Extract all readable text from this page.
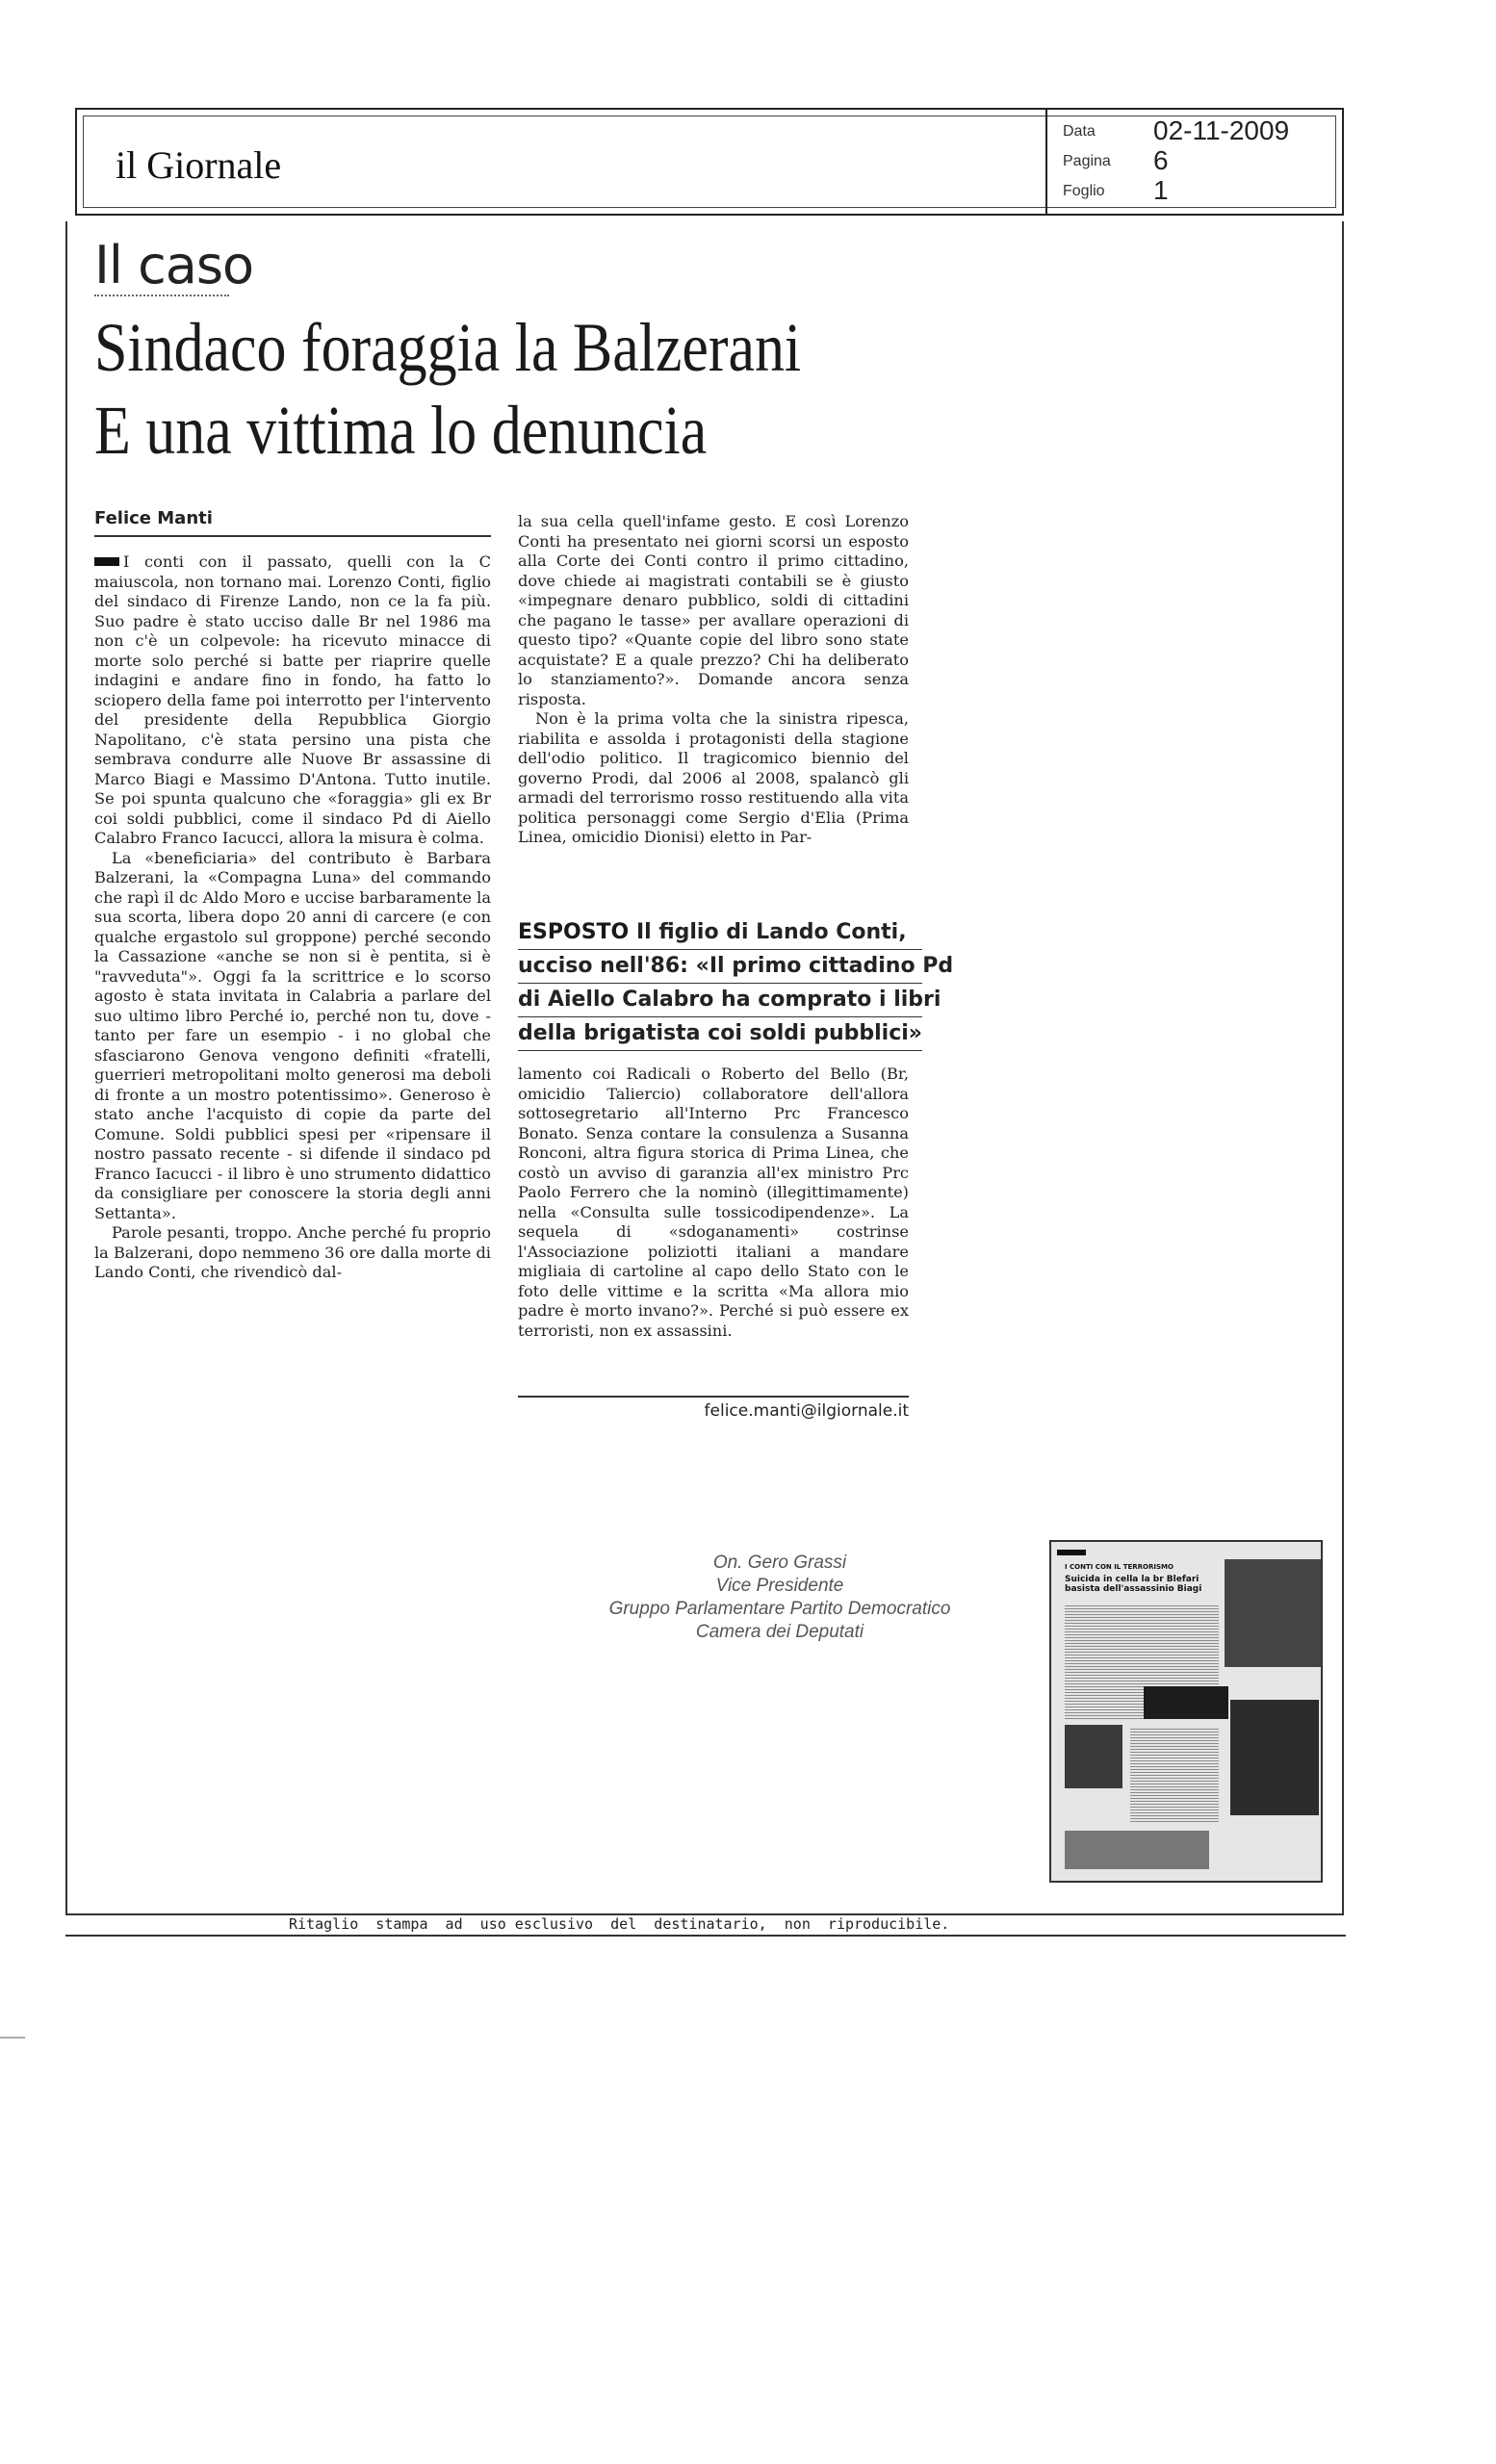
il Giornale
Data 02-11-2009
Pagina 6
Foglio 1
Il caso
Sindaco foraggia la Balzerani
E una vittima lo denuncia
Felice Manti

I conti con il passato, quelli con la C maiuscola, non tornano mai. Lorenzo Conti, figlio del sindaco di Firenze Lando, non ce la fa più. Suo padre è stato ucciso dalle Br nel 1986 ma non c'è un colpevole: ha ricevuto minacce di morte solo perché si batte per riaprire quelle indagini e andare fino in fondo, ha fatto lo sciopero della fame poi interrotto per l'intervento del presidente della Repubblica Giorgio Napolitano, c'è stata persino una pista che sembrava condurre alle Nuove Br assassine di Marco Biagi e Massimo D'Antona. Tutto inutile. Se poi spunta qualcuno che «foraggia» gli ex Br coi soldi pubblici, come il sindaco Pd di Aiello Calabro Franco Iacucci, allora la misura è colma.

La «beneficiaria» del contributo è Barbara Balzerani, la «Compagna Luna» del commando che rapì il dc Aldo Moro e uccise barbaramente la sua scorta, libera dopo 20 anni di carcere (e con qualche ergastolo sul groppone) perché secondo la Cassazione «anche se non si è pentita, si è "ravveduta"». Oggi fa la scrittrice e lo scorso agosto è stata invitata in Calabria a parlare del suo ultimo libro Perché io, perché non tu, dove - tanto per fare un esempio - i no global che sfasciarono Genova vengono definiti «fratelli, guerrieri metropolitani molto generosi ma deboli di fronte a un mostro potentissimo». Generoso è stato anche l'acquisto di copie da parte del Comune. Soldi pubblici spesi per «ripensare il nostro passato recente - si difende il sindaco pd Franco Iacucci - il libro è uno strumento didattico da consigliare per conoscere la storia degli anni Settanta».

Parole pesanti, troppo. Anche perché fu proprio la Balzerani, dopo nemmeno 36 ore dalla morte di Lando Conti, che rivendicò dal-

la sua cella quell'infame gesto. E così Lorenzo Conti ha presentato nei giorni scorsi un esposto alla Corte dei Conti contro il primo cittadino, dove chiede ai magistrati contabili se è giusto «impegnare denaro pubblico, soldi di cittadini che pagano le tasse» per avallare operazioni di questo tipo? «Quante copie del libro sono state acquistate? E a quale prezzo? Chi ha deliberato lo stanziamento?». Domande ancora senza risposta.

Non è la prima volta che la sinistra ripesca, riabilita e assolda i protagonisti della stagione dell'odio politico. Il tragicomico biennio del governo Prodi, dal 2006 al 2008, spalancò gli armadi del terrorismo rosso restituendo alla vita politica personaggi come Sergio d'Elia (Prima Linea, omicidio Dionisi) eletto in Par-

ESPOSTO Il figlio di Lando Conti,
ucciso nell'86: «Il primo cittadino Pd
di Aiello Calabro ha comprato i libri
della brigatista coi soldi pubblici»

lamento coi Radicali o Roberto del Bello (Br, omicidio Taliercio) collaboratore dell'allora sottosegretario all'Interno Prc Francesco Bonato. Senza contare la consulenza a Susanna Ronconi, altra figura storica di Prima Linea, che costò un avviso di garanzia all'ex ministro Prc Paolo Ferrero che la nominò (illegittimamente) nella «Consulta sulle tossicodipendenze». La sequela di «sdoganamenti» costrinse l'Associazione poliziotti italiani a mandare migliaia di cartoline al capo dello Stato con le foto delle vittime e la scritta «Ma allora mio padre è morto invano?». Perché si può essere ex terroristi, non ex assassini.

felice.manti@ilgiornale.it
On. Gero Grassi
Vice Presidente
Gruppo Parlamentare Partito Democratico
Camera dei Deputati
I CONTI CON IL TERRORISMO
Suicida in cella la br Blefari basista dell'assassinio Biagi
Ritaglio  stampa  ad  uso esclusivo  del  destinatario,  non  riproducibile.
